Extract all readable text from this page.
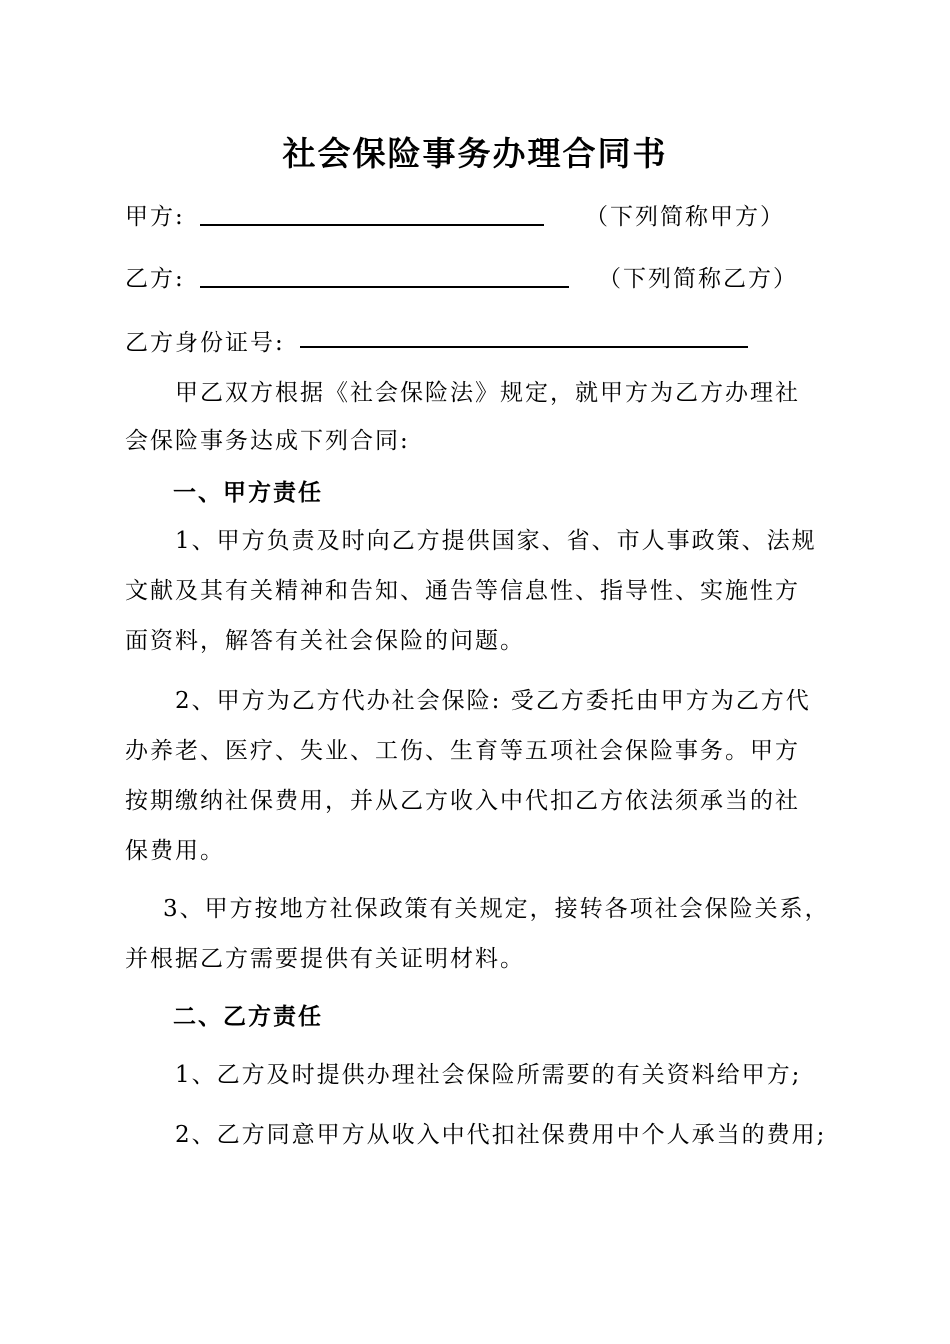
社会保险事务办理合同书
甲方:	（下列简称甲方）
乙方:	（下列简称乙方）
乙方身份证号:
甲乙双方根据《社会保险法》规定，就甲方为乙方办理社
会保险事务达成下列合同:
一、甲方责任
1、甲方负责及时向乙方提供国家、省、市人事政策、法规
文献及其有关精神和告知、通告等信息性、指导性、实施性方
面资料，解答有关社会保险的问题。
2、甲方为乙方代办社会保险: 受乙方委托由甲方为乙方代
办养老、医疗、失业、工伤、生育等五项社会保险事务。甲方
按期缴纳社保费用，并从乙方收入中代扣乙方依法须承当的社
保费用。
3、甲方按地方社保政策有关规定，接转各项社会保险关系，
并根据乙方需要提供有关证明材料。
二、乙方责任
1、乙方及时提供办理社会保险所需要的有关资料给甲方;
2、乙方同意甲方从收入中代扣社保费用中个人承当的费用;
